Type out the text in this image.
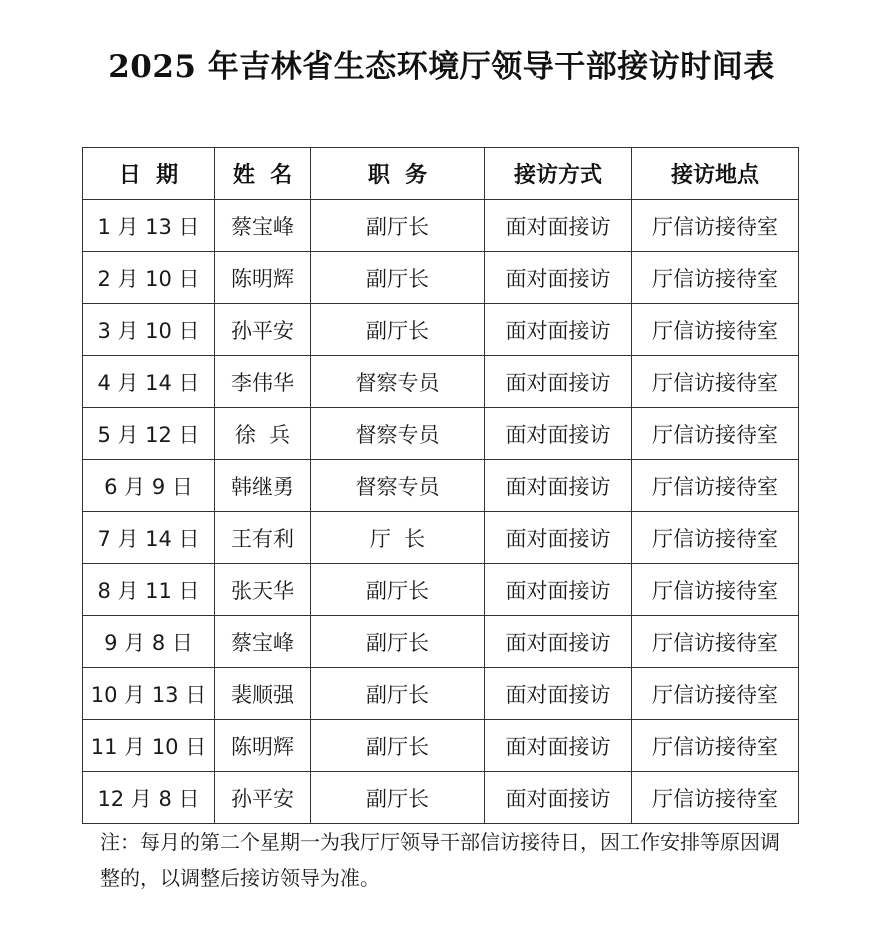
2025 年吉林省生态环境厅领导干部接访时间表
日  期	姓  名	职  务	接访方式	接访地点
1 月 13 日	蔡宝峰	副厅长	面对面接访	厅信访接待室
2 月 10 日	陈明辉	副厅长	面对面接访	厅信访接待室
3 月 10 日	孙平安	副厅长	面对面接访	厅信访接待室
4 月 14 日	李伟华	督察专员	面对面接访	厅信访接待室
5 月 12 日	徐  兵	督察专员	面对面接访	厅信访接待室
6 月 9 日	韩继勇	督察专员	面对面接访	厅信访接待室
7 月 14 日	王有利	厅  长	面对面接访	厅信访接待室
8 月 11 日	张天华	副厅长	面对面接访	厅信访接待室
9 月 8 日	蔡宝峰	副厅长	面对面接访	厅信访接待室
10 月 13 日	裴顺强	副厅长	面对面接访	厅信访接待室
11 月 10 日	陈明辉	副厅长	面对面接访	厅信访接待室
12 月 8 日	孙平安	副厅长	面对面接访	厅信访接待室
注：每月的第二个星期一为我厅厅领导干部信访接待日，因工作安排等原因调整的，以调整后接访领导为准。
